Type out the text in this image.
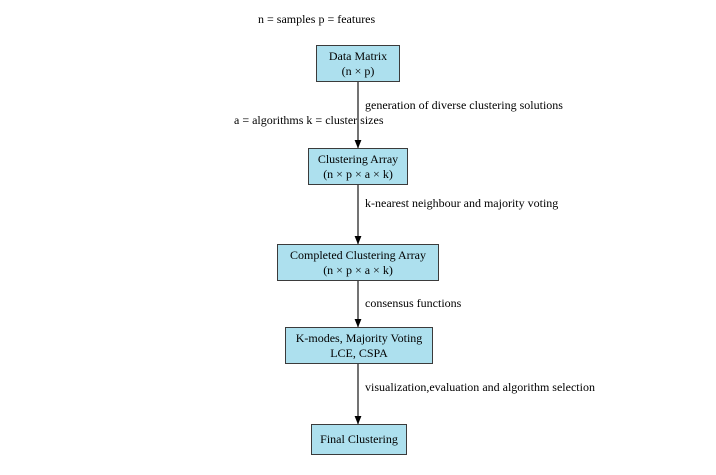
n = samples p = features
a = algorithms k = cluster sizes
Data Matrix
(n × p)
Clustering Array
(n × p × a × k)
Completed Clustering Array
(n × p × a × k)
K-modes, Majority Voting
LCE, CSPA
Final Clustering
generation of diverse clustering solutions
k-nearest neighbour and majority voting
consensus functions
visualization,evaluation and algorithm selection
